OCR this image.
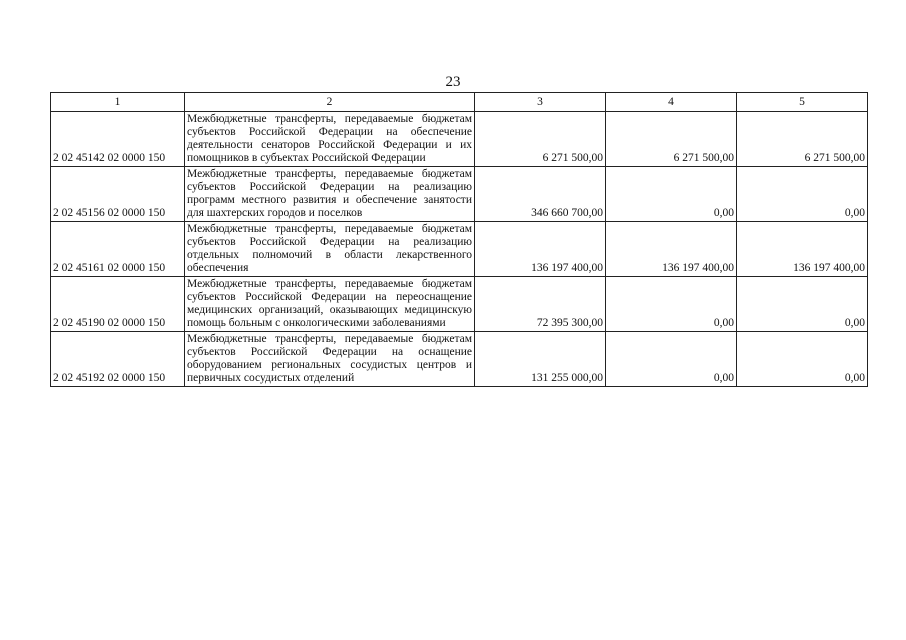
23
1	2	3	4	5
2 02 45142 02 0000 150	Межбюджетные трансферты, передаваемые бюджетам субъектов Российской Федерации на обеспечение деятельности сенаторов Российской Федерации и их помощников в субъектах Российской Федерации	6 271 500,00	6 271 500,00	6 271 500,00
2 02 45156 02 0000 150	Межбюджетные трансферты, передаваемые бюджетам субъектов Российской Федерации на реализацию программ местного развития и обеспечение занятости для шахтерских городов и поселков	346 660 700,00	0,00	0,00
2 02 45161 02 0000 150	Межбюджетные трансферты, передаваемые бюджетам субъектов Российской Федерации на реализацию отдельных полномочий в области лекарственного обеспечения	136 197 400,00	136 197 400,00	136 197 400,00
2 02 45190 02 0000 150	Межбюджетные трансферты, передаваемые бюджетам субъектов Российской Федерации на переоснащение медицинских организаций, оказывающих медицинскую помощь больным с онкологическими заболеваниями	72 395 300,00	0,00	0,00
2 02 45192 02 0000 150	Межбюджетные трансферты, передаваемые бюджетам субъектов Российской Федерации на оснащение оборудованием региональных сосудистых центров и первичных сосудистых отделений	131 255 000,00	0,00	0,00
